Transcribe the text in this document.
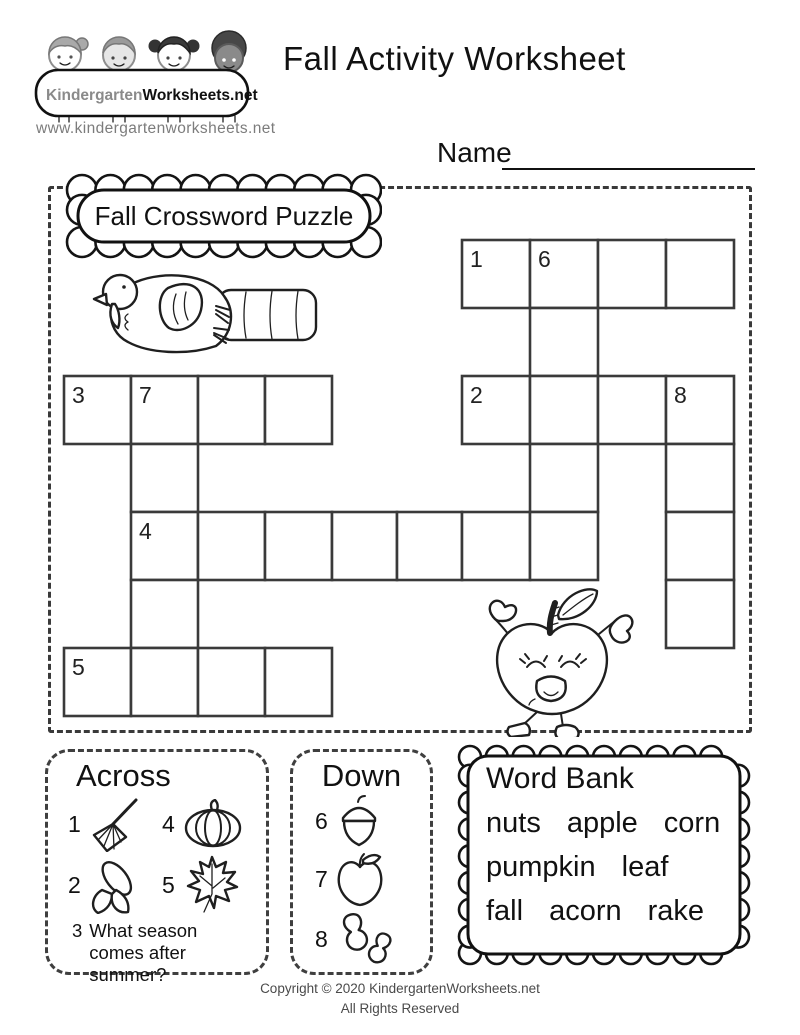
KindergartenWorksheets.net
www.kindergartenworksheets.net
Fall Activity Worksheet
Name
Fall Crossword Puzzle
1 6
2	8
3 7
4
5
Across
1	4
2	5
3 What season comes after summer?
Down
6
7
8
Word Bank
nuts apple corn
pumpkin leaf
fall acorn rake
Copyright © 2020 KindergartenWorksheets.net
All Rights Reserved
